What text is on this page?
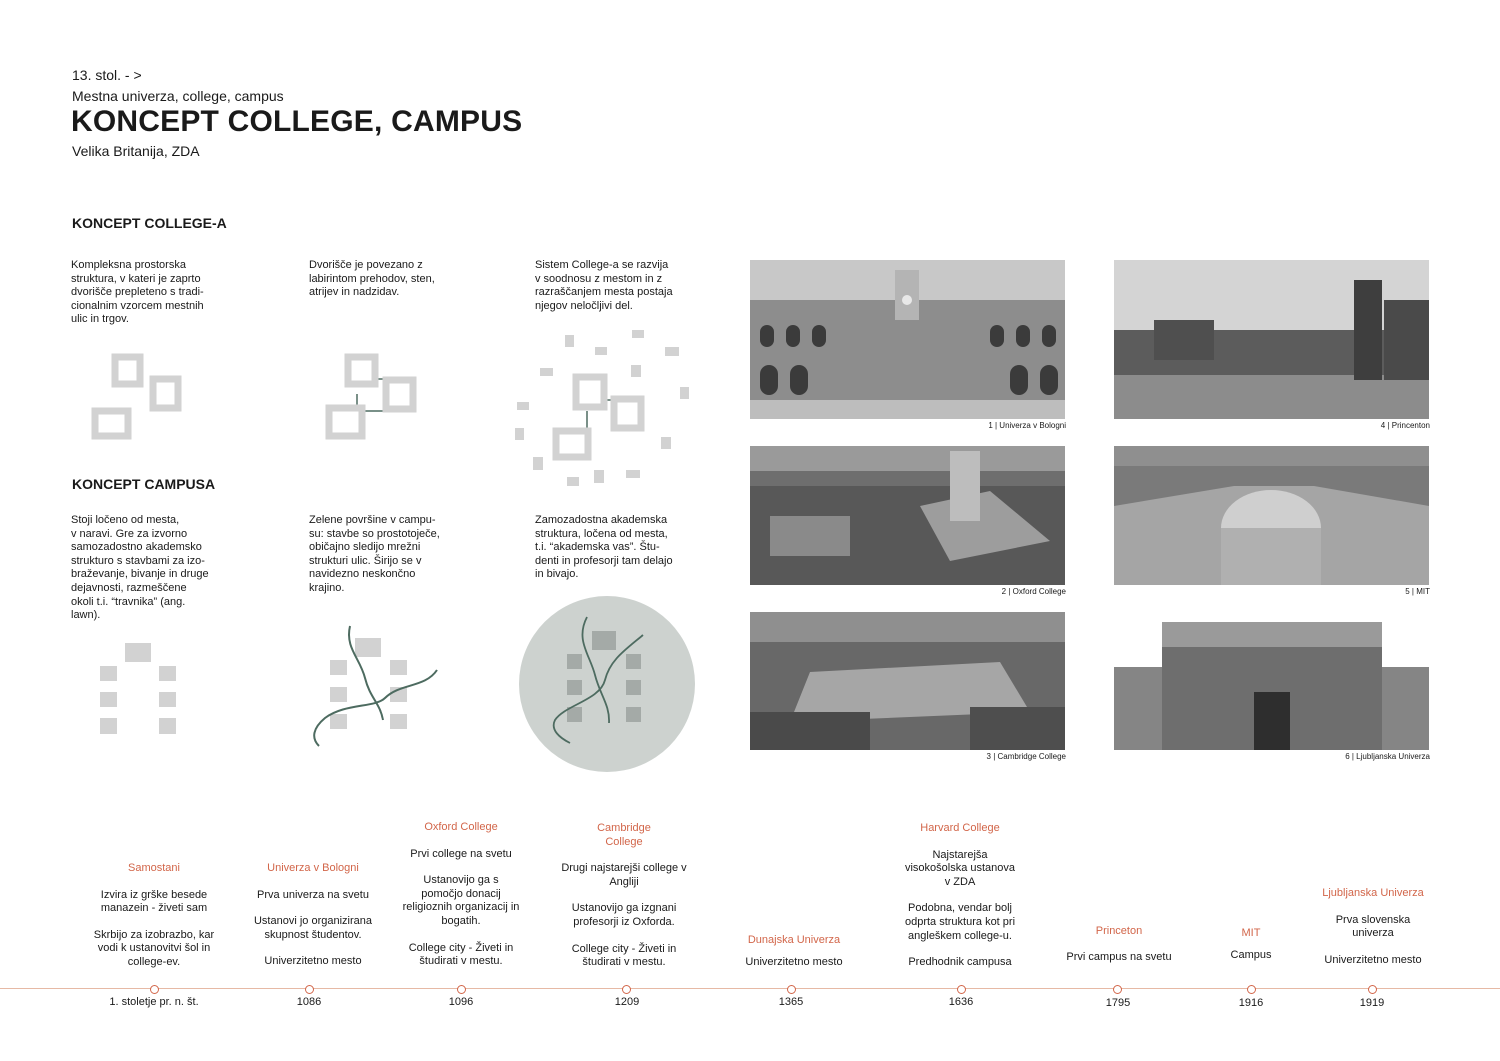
13. stol. - >
Mestna univerza, college, campus
KONCEPT COLLEGE, CAMPUS
Velika Britanija, ZDA
KONCEPT COLLEGE-A
Kompleksna prostorska
struktura, v kateri je zaprto
dvorišče prepleteno s tradi-
cionalnim vzorcem mestnih
ulic in trgov.
Dvorišče je povezano z
labirintom prehodov, sten,
atrijev in nadzidav.
Sistem College-a se razvija
v soodnosu z mestom in z
razraščanjem mesta postaja
njegov neločljivi del.
KONCEPT CAMPUSA
Stoji ločeno od mesta,
v naravi. Gre za izvorno
samozadostno akademsko
strukturo s stavbami za izo-
braževanje, bivanje in druge
dejavnosti, razmeščene
okoli t.i. “travnika” (ang.
lawn).
Zelene površine v campu-
su: stavbe so prostotoječe,
običajno sledijo mrežni
strukturi ulic. Širijo se v
navidezno neskončno
krajino.
Zamozadostna akademska
struktura, ločena od mesta,
t.i. “akademska vas”. Štu-
denti in profesorji tam delajo
in bivajo.
1 | Univerza v Bologni
2 | Oxford College
3 | Cambridge College
4 | Princenton
5 | MIT
6 | Ljubljanska Univerza
Samostani
Izvira iz grške besede
manazein - živeti sam
Skrbijo za izobrazbo, kar
vodi k ustanovitvi šol in
college-ev.
Univerza v Bologni
Prva univerza na svetu
Ustanovi jo organizirana
skupnost študentov.
Univerzitetno mesto
Oxford College
Prvi college na svetu
Ustanovijo ga s
pomočjo donacij
religioznih organizacij in
bogatih.
College city - Živeti in
študirati v mestu.
Cambridge
College
Drugi najstarejši college v
Angliji
Ustanovijo ga izgnani
profesorji iz Oxforda.
College city - Živeti in
študirati v mestu.
Dunajska Univerza
Univerzitetno mesto
Harvard College
Najstarejša
visokošolska ustanova
v ZDA
Podobna, vendar bolj
odprta struktura kot pri
angleškem college-u.
Predhodnik campusa
Princeton
Prvi campus na svetu
MIT
Campus
Ljubljanska Univerza
Prva slovenska
univerza
Univerzitetno mesto
1. stoletje pr. n. št.	1086	1096	1209	1365	1636	1795	1916	1919
